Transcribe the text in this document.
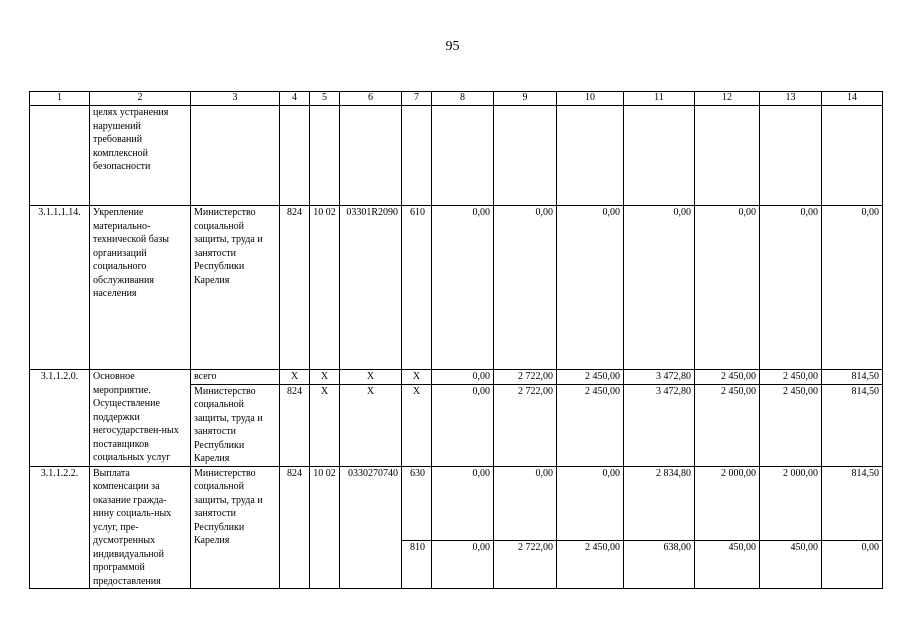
95
1	2	3	4	5	6	7	8	9	10	11	12	13	14
	целях устранения нарушений требований комплексной безопасности												
3.1.1.1.14.	Укрепление материально-технической базы организаций социального обслуживания населения	Министерство социальной защиты, труда и занятости Республики Карелия	824	10 02	03301R2090	610	0,00	0,00	0,00	0,00	0,00	0,00	0,00
3.1.1.2.0.	Основное мероприятие. Осуществление поддержки негосударствен-ных поставщиков социальных услуг	всего	X	X	X	X	0,00	2 722,00	2 450,00	3 472,80	2 450,00	2 450,00	814,50
		Министерство социальной защиты, труда и занятости Республики Карелия	824	X	X	X	0,00	2 722,00	2 450,00	3 472,80	2 450,00	2 450,00	814,50
3.1.1.2.2.	Выплата компенсации за оказание гражда-нину социаль-ных услуг, пре-дусмотренных индивидуальной программой предоставления	Министерство социальной защиты, труда и занятости Республики Карелия	824	10 02	0330270740	630	0,00	0,00	0,00	2 834,80	2 000,00	2 000,00	814,50
						810	0,00	2 722,00	2 450,00	638,00	450,00	450,00	0,00
